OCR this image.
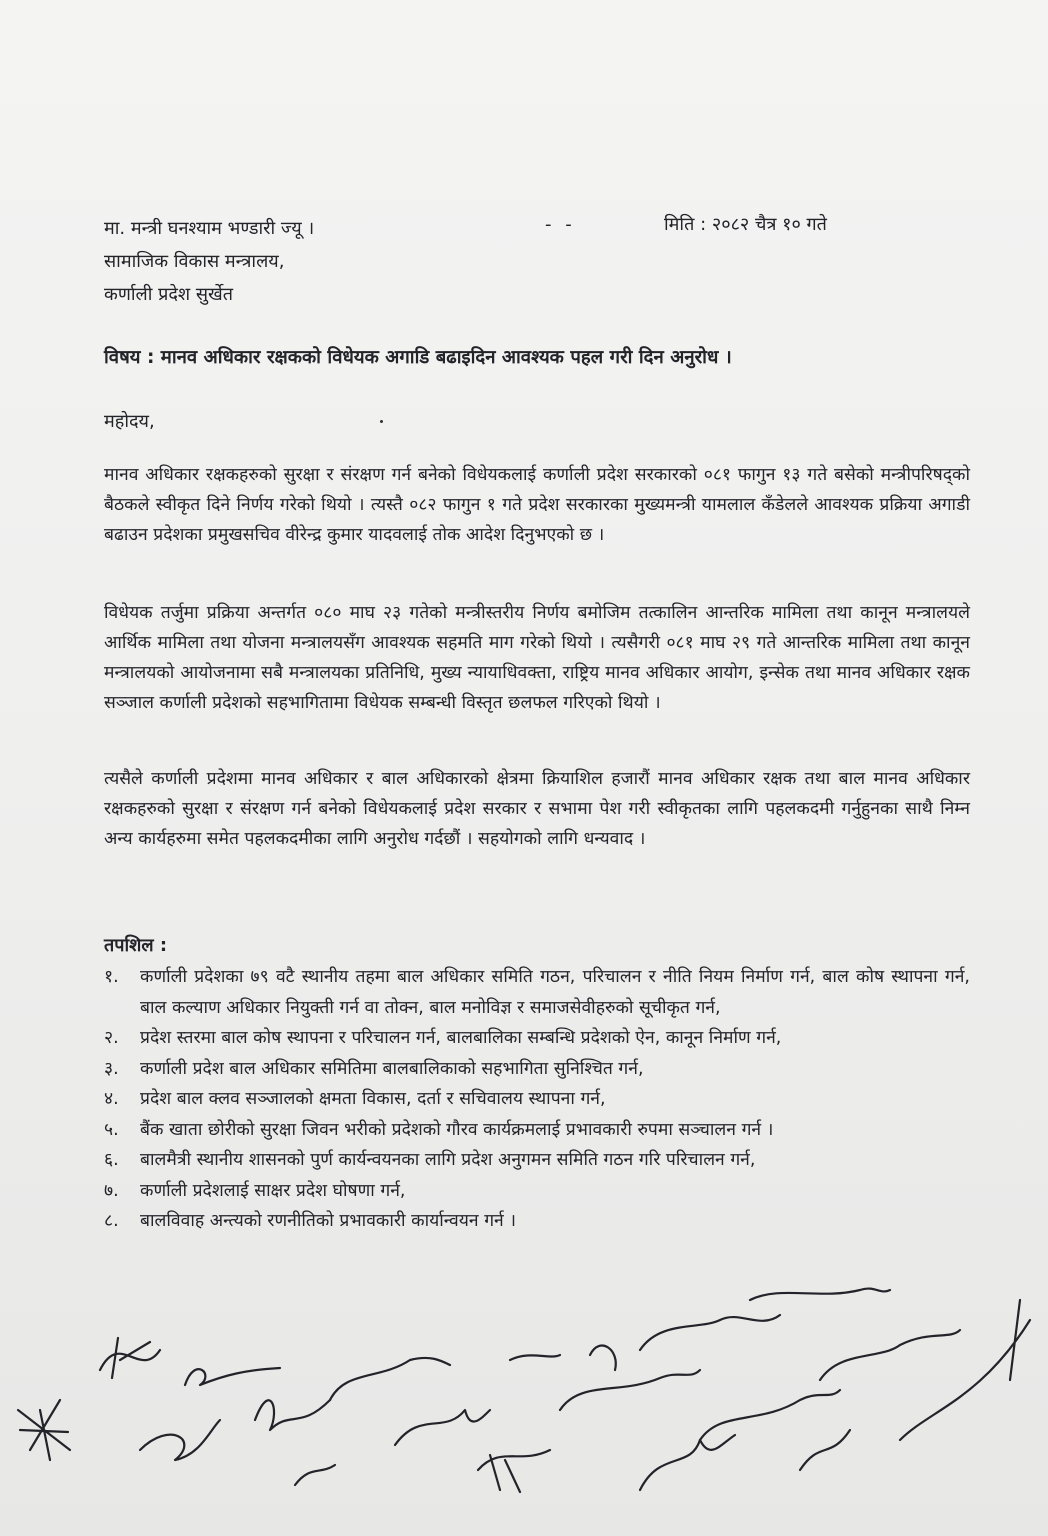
मा. मन्त्री घनश्याम भण्डारी ज्यू ।
सामाजिक विकास मन्त्रालय,
कर्णाली प्रदेश सुर्खेत
- -	मिति : २०८२ चैत्र १० गते
विषय : मानव अधिकार रक्षकको विधेयक अगाडि बढाइदिन आवश्यक पहल गरी दिन अनुरोध ।
महोदय,
मानव अधिकार रक्षकहरुको सुरक्षा र संरक्षण गर्न बनेको विधेयकलाई कर्णाली प्रदेश सरकारको ०८१ फागुन १३ गते बसेको मन्त्रीपरिषद्को बैठकले स्वीकृत दिने निर्णय गरेको थियो । त्यस्तै ०८२ फागुन १ गते प्रदेश सरकारका मुख्यमन्त्री यामलाल कँडेलले आवश्यक प्रक्रिया अगाडी बढाउन प्रदेशका प्रमुखसचिव वीरेन्द्र कुमार यादवलाई तोक आदेश दिनुभएको छ ।
विधेयक तर्जुमा प्रक्रिया अन्तर्गत ०८० माघ २३ गतेको मन्त्रीस्तरीय निर्णय बमोजिम तत्कालिन आन्तरिक मामिला तथा कानून मन्त्रालयले आर्थिक मामिला तथा योजना मन्त्रालयसँग आवश्यक सहमति माग गरेको थियो । त्यसैगरी ०८१ माघ २९ गते आन्तरिक मामिला तथा कानून मन्त्रालयको आयोजनामा सबै मन्त्रालयका प्रतिनिधि, मुख्य न्यायाधिवक्ता, राष्ट्रिय मानव अधिकार आयोग, इन्सेक तथा मानव अधिकार रक्षक सञ्जाल कर्णाली प्रदेशको सहभागितामा विधेयक सम्बन्धी विस्तृत छलफल गरिएको थियो ।
त्यसैले कर्णाली प्रदेशमा मानव अधिकार र बाल अधिकारको क्षेत्रमा क्रियाशिल हजारौं मानव अधिकार रक्षक तथा बाल मानव अधिकार रक्षकहरुको सुरक्षा र संरक्षण गर्न बनेको विधेयकलाई प्रदेश सरकार र सभामा पेश गरी स्वीकृतका लागि पहलकदमी गर्नुहुनका साथै निम्न अन्य कार्यहरुमा समेत पहलकदमीका लागि अनुरोध गर्दछौं । सहयोगको लागि धन्यवाद ।
तपशिल :
१.	कर्णाली प्रदेशका ७९ वटै स्थानीय तहमा बाल अधिकार समिति गठन, परिचालन र नीति नियम निर्माण गर्न, बाल कोष स्थापना गर्न, बाल कल्याण अधिकार नियुक्ती गर्न वा तोक्न, बाल मनोविज्ञ र समाजसेवीहरुको सूचीकृत गर्न,
२.	प्रदेश स्तरमा बाल कोष स्थापना र परिचालन गर्न, बालबालिका सम्बन्धि प्रदेशको ऐन, कानून निर्माण गर्न,
३.	कर्णाली प्रदेश बाल अधिकार समितिमा बालबालिकाको सहभागिता सुनिश्चित गर्न,
४.	प्रदेश बाल क्लव सञ्जालको क्षमता विकास, दर्ता र सचिवालय स्थापना गर्न,
५.	बैंक खाता छोरीको सुरक्षा जिवन भरीको प्रदेशको गौरव कार्यक्रमलाई प्रभावकारी रुपमा सञ्चालन गर्न ।
६.	बालमैत्री स्थानीय शासनको पुर्ण कार्यन्वयनका लागि प्रदेश अनुगमन समिति गठन गरि परिचालन गर्न,
७.	कर्णाली प्रदेशलाई साक्षर प्रदेश घोषणा गर्न,
८.	बालविवाह अन्त्यको रणनीतिको प्रभावकारी कार्यान्वयन गर्न ।
